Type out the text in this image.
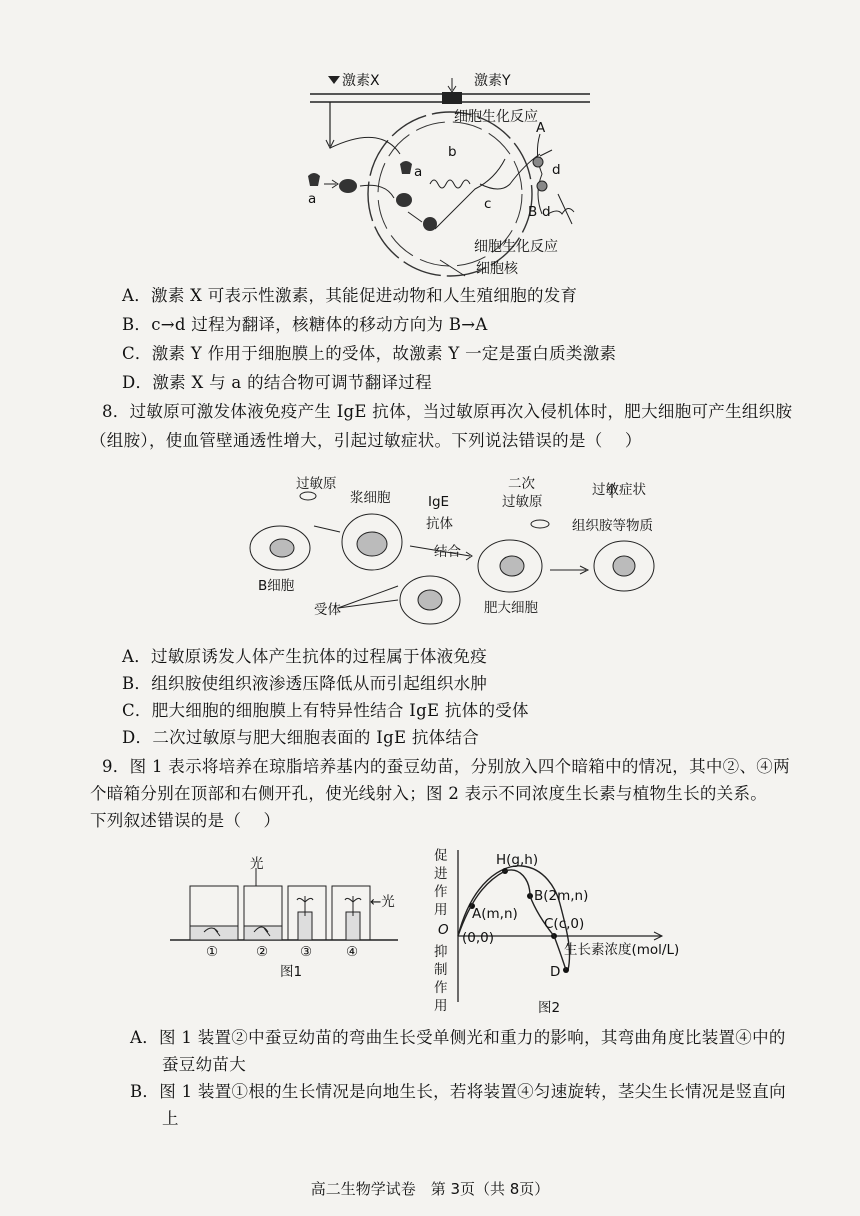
激素X	激素Y
细胞生化反应
a
a
b
c
A
d
B d
细胞生化反应
细胞核
A．激素 X 可表示性激素，其能促进动物和人生殖细胞的发育
B．c→d 过程为翻译，核糖体的移动方向为 B→A
C．激素 Y 作用于细胞膜上的受体，故激素 Y 一定是蛋白质类激素
D．激素 X 与 a 的结合物可调节翻译过程
8．过敏原可激发体液免疫产生 IgE 抗体，当过敏原再次入侵机体时，肥大细胞可产生组织胺
（组胺），使血管壁通透性增大，引起过敏症状。下列说法错误的是（　 ）
过敏原
浆细胞	IgE
抗体
二次
过敏原
过敏症状
组织胺等物质
结合
B细胞
受体	肥大细胞
A．过敏原诱发人体产生抗体的过程属于体液免疫
B．组织胺使组织液渗透压降低从而引起组织水肿
C．肥大细胞的细胞膜上有特异性结合 IgE 抗体的受体
D．二次过敏原与肥大细胞表面的 IgE 抗体结合
9．图 1 表示将培养在琼脂培养基内的蚕豆幼苗，分别放入四个暗箱中的情况，其中②、④两
个暗箱分别在顶部和右侧开孔，使光线射入；图 2 表示不同浓度生长素与植物生长的关系。
下列叙述错误的是（　 ）
光
←光
①	② ③	④
图1
促
进
作
用
O
抑
制
作
用
H(g,h)
A(m,n)
B(2m,n)
C(c,0)
(0,0)
D
生长素浓度(mol/L)
图2
A．图 1 装置②中蚕豆幼苗的弯曲生长受单侧光和重力的影响，其弯曲角度比装置④中的
蚕豆幼苗大
B．图 1 装置①根的生长情况是向地生长，若将装置④匀速旋转，茎尖生长情况是竖直向
上
高二生物学试卷　第 3页（共 8页）
